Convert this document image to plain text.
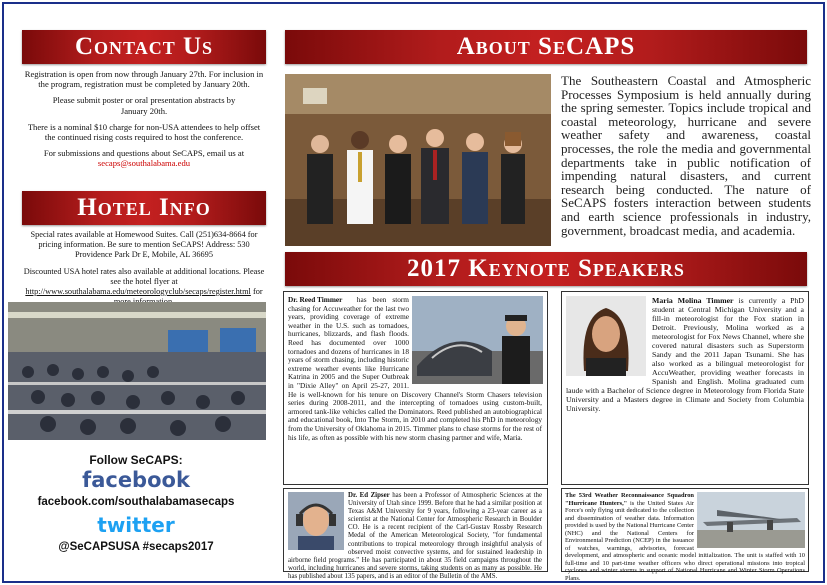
Contact Us

Registration is open from now through January 27th. For inclusion in the program, registration must be completed by January 20th.

Please submit poster or oral presentation abstracts by January 20th.

There is a nominal $10 charge for non-USA attendees to help offset the continued rising costs required to host the conference.

For submissions and questions about SeCAPS, email us at secaps@southalabama.edu

Hotel Info

Special rates available at Homewood Suites. Call (251)634-8664 for pricing information. Be sure to mention SeCAPS! Address: 530 Providence Park Dr E, Mobile, AL 36695

Discounted USA hotel rates also available at additional locations. Please see the hotel flyer at http://www.southalabama.edu/meteorologyclub/secaps/register.html for

Follow SeCAPS:
facebook
facebook.com/southalabamasecaps
twitter
@SeCAPSUSA #secaps2017
About SeCAPS
The Southeastern Coastal and Atmospheric Processes Symposium is held annually during the spring semester. Topics include tropical and coastal meteorology, hurricane and severe weather safety and awareness, coastal processes, the role the media and governmental departments take in public notification of impending natural disasters, and current research being conducted. The nature of SeCAPS fosters interaction between students and earth science professionals in industry, government, broadcast media, and academia.
2017 Keynote Speakers
Dr. Reed Timmer	has been storm chasing for Accuweather for the last two years, providing coverage of extreme weather in the U.S. such as tornadoes, hurricanes, blizzards, and flash floods. Reed has documented over 1000 tornadoes and dozens of hurricanes in 18 years of storm chasing, including historic extreme weather events like Hurricane Katrina in 2005 and the Super Outbreak in "Dixie Alley" on April 25-27, 2011. He is well-known for his tenure on Discovery Channel's Storm Chasers television series during 2008-2011, and the intercepting of tornadoes using custom-built, armored tank-like vehicles called the Dominators. Reed published an autobiographical and educational book, Into The Storm, in 2010 and completed his PhD in meteorology from the University of Oklahoma in 2015. Timmer plans to chase storms for the rest of his life, as often as possible with his new storm chasing partner and wife, Maria.
Maria Molina Timmer is currently a PhD student at Central Michigan University and a fill-in meteorologist for the Fox station in Detroit. Previously, Molina worked as a meteorologist for Fox News Channel, where she covered natural disasters such as Superstorm Sandy and the 2011 Japan Tsunami. She has also worked as a bilingual meteorologist for AccuWeather, providing weather forecasts in Spanish and English. Molina graduated cum laude with a Bachelor of Science degree in Meteorology from Florida State University and a Masters degree in Climate and Society from Columbia University.
Dr. Ed Zipser has been a Professor of Atmospheric Sciences at the University of Utah since 1999. Before that he had a similar position at Texas A&M University for 9 years, following a 23-year career as a scientist at the National Center for Atmospheric Research in Boulder CO. He is a recent recipient of the Carl-Gustav Rossby Research Medal of the American Meteorological Society, "for fundamental contributions to tropical meteorology through insightful analysis of observed moist convective systems, and for sustained leadership in airborne field programs." He has participated in about 35 field campaigns throughout the world, including hurricanes and severe storms, taking students on as many as possible. He has published about 135 papers, and is an editor of the Bulletin of the AMS.
The 53rd Weather Reconnaissance Squadron "Hurricane Hunters," is the United States Air Force's only flying unit dedicated to the collection and dissemination of weather data. Information provided is used by the National Hurricane Center (NHC) and the National Centers for Environmental Prediction (NCEP) in the issuance of watches, warnings, advisories, forecast development, and atmospheric and oceanic model initialization. The unit is staffed with 10 full-time and 10 part-time weather officers who direct operational missions into tropical cyclones and winter storms in support of National Hurricane and Winter Storm Operations Plans.
